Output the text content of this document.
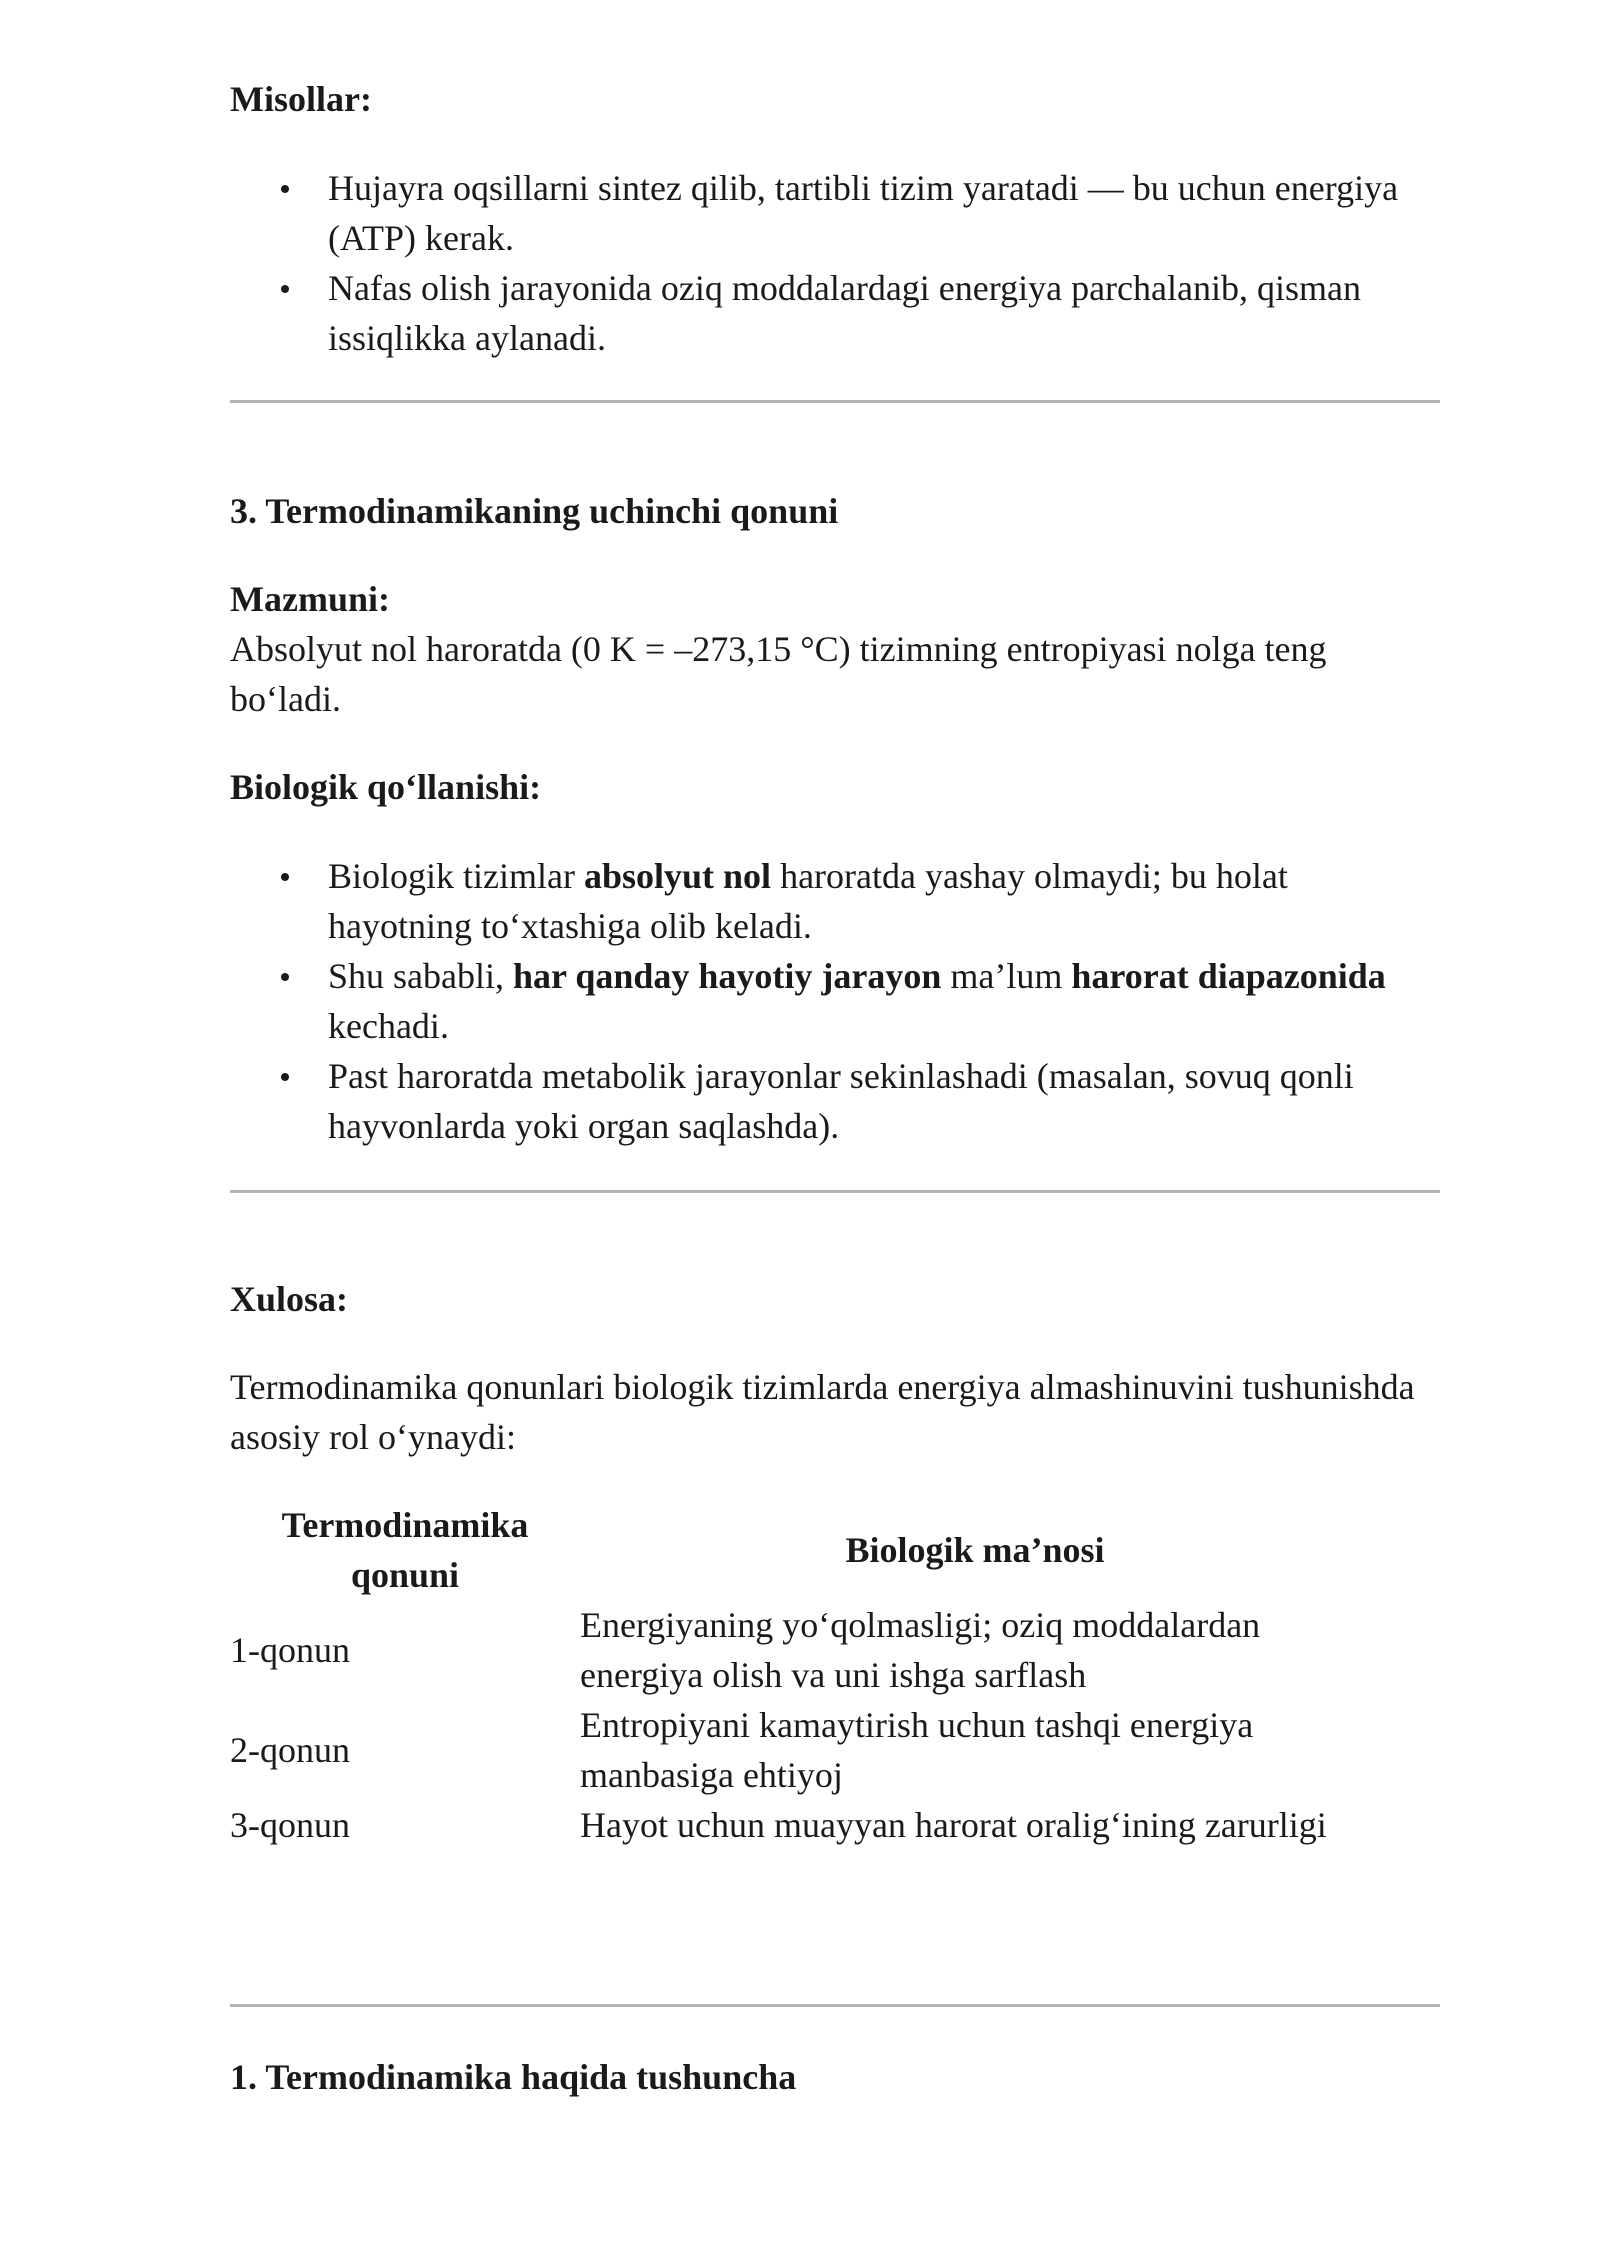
Misollar:

Hujayra oqsillarni sintez qilib, tartibli tizim yaratadi — bu uchun energiya (ATP) kerak.
Nafas olish jarayonida oziq moddalardagi energiya parchalanib, qisman issiqlikka aylanadi.

3. Termodinamikaning uchinchi qonuni

Mazmuni:

Absolyut nol haroratda (0 K = –273,15 °C) tizimning entropiyasi nolga teng bo‘ladi.

Biologik qo‘llanishi:

Biologik tizimlar absolyut nol haroratda yashay olmaydi; bu holat hayotning to‘xtashiga olib keladi.
Shu sababli, har qanday hayotiy jarayon ma’lum harorat diapazonida kechadi.
Past haroratda metabolik jarayonlar sekinlashadi (masalan, sovuq qonli hayvonlarda yoki organ saqlashda).

Xulosa:

Termodinamika qonunlari biologik tizimlarda energiya almashinuvini tushunishda asosiy rol o‘ynaydi:

Termodinamika qonuni	Biologik ma’nosi
1-qonun	Energiyaning yo‘qolmasligi; oziq moddalardan energiya olish va uni ishga sarflash
2-qonun	Entropiyani kamaytirish uchun tashqi energiya manbasiga ehtiyoj
3-qonun	Hayot uchun muayyan harorat oralig‘ining zarurligi

1. Termodinamika haqida tushuncha
